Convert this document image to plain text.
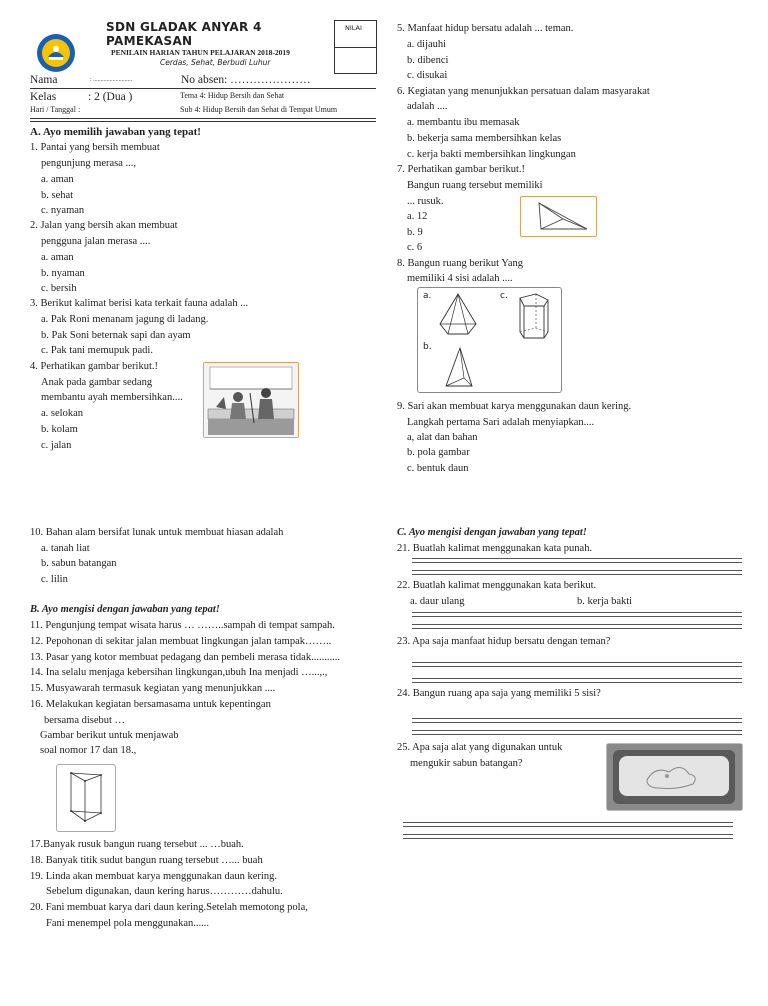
SDN GLADAK ANYAR 4
PAMEKASAN
PENILAIN HARIAN TAHUN PELAJARAN 2018-2019
Cerdas, Sehat, Berbudi Luhur
NILAI
Nama	: ..........................	No absen: …………………
Kelas	: 2 (Dua )	Tema 4: Hidup Bersih dan Sehat
Hari / Tanggal :	Sub 4: Hidup Bersih dan Sehat di Tempat Umum
A. Ayo memilih jawaban yang tepat!
1. Pantai yang bersih membuat
pengunjung merasa ...,
a. aman
b. sehat
c. nyaman
2. Jalan yang bersih akan membuat
pengguna jalan merasa ....
a. aman
b. nyaman
c. bersih
3. Berikut kalimat berisi kata terkait fauna adalah ...
a. Pak Roni menanam jagung di ladang.
b. Pak Soni beternak sapi dan ayam
c. Pak tani memupuk padi.
4. Perhatikan gambar berikut.!
Anak pada gambar sedang
membantu ayah membersihkan....
a. selokan
b. kolam
c. jalan
5. Manfaat hidup bersatu adalah ... teman.
a. dijauhi
b. dibenci
c. disukai
6. Kegiatan yang menunjukkan persatuan dalam masyarakat
adalah ....
a. membantu ibu memasak
b. bekerja sama membersihkan kelas
c. kerja bakti membersihkan lingkungan
7. Perhatikan gambar berikut.!
Bangun ruang tersebut memiliki
... rusuk.
a. 12
b. 9
c. 6
8. Bangun ruang berikut Yang
memiliki 4 sisi adalah ....
a.	c.
b.
9. Sari akan membuat karya menggunakan daun kering.
Langkah pertama Sari adalah menyiapkan....
a, alat dan bahan
b. pola gambar
c. bentuk daun
10. Bahan alam bersifat lunak untuk membuat hiasan adalah
a. tanah liat
b. sabun batangan
c. lilin
B. Ayo mengisi dengan jawaban yang tepat!
11. Pengunjung tempat wisata harus … ……..sampah di tempat sampah.
12. Pepohonan di sekitar jalan membuat lingkungan jalan tampak……..
13. Pasar yang kotor membuat pedagang dan pembeli merasa tidak...........
14. Ina selalu menjaga kebersihan lingkungan,ubuh Ina menjadi …...,.,
15. Musyawarah termasuk kegiatan yang menunjukkan ....
16. Melakukan kegiatan bersamasama untuk kepentingan
bersama disebut …
Gambar berikut untuk menjawab
soal nomor 17 dan 18.,
17.Banyak rusuk bangun ruang tersebut ... …buah.
18. Banyak titik sudut bangun ruang tersebut …... buah
19. Linda akan membuat karya menggunakan daun kering.
Sebelum digunakan, daun kering harus…………dahulu.
20. Fani membuat karya dari daun kering.Setelah memotong pola,
Fani menempel pola menggunakan......
C. Ayo mengisi dengan jawaban yang tepat!
21. Buatlah kalimat menggunakan kata punah.
22. Buatlah kalimat menggunakan kata berikut.
a. daur ulang	b. kerja bakti
23. Apa saja manfaat hidup bersatu dengan teman?
24. Bangun ruang apa saja yang memiliki 5 sisi?
25. Apa saja alat yang digunakan untuk
mengukir sabun batangan?
